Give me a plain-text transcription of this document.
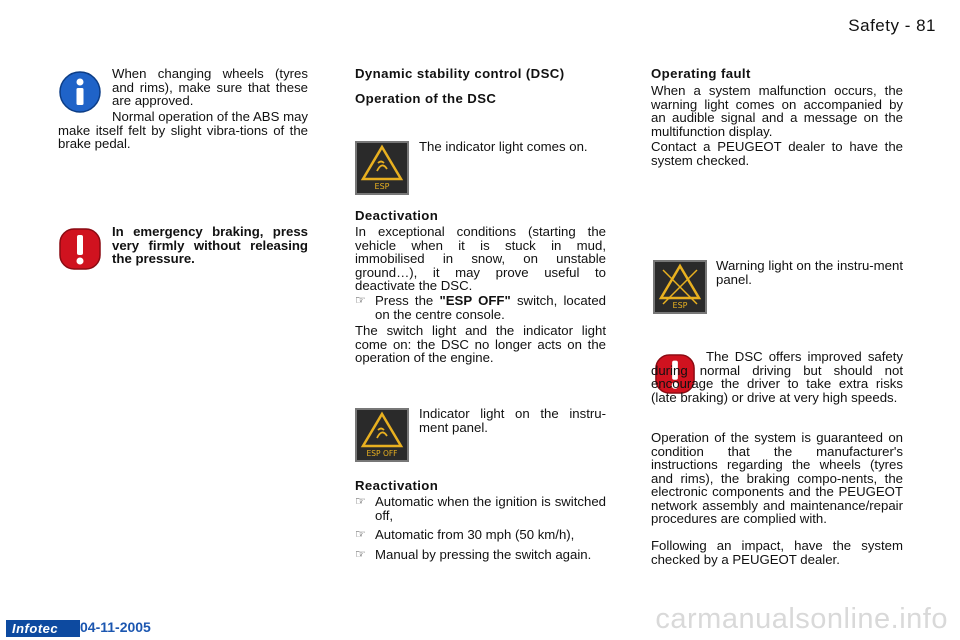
Safety - 81

When changing wheels (tyres and rims), make sure that these are approved.

Normal operation of the ABS may make itself felt by slight vibra-tions of the brake pedal.

In emergency braking, press very firmly without releasing the pressure.

Dynamic stability control (DSC)

Operation of the DSC

ESP

The indicator light comes on.

Deactivation

In exceptional conditions (starting the vehicle when it is stuck in mud, immobilised in snow, on unstable ground…), it may prove useful to deactivate the DSC.

☞ Press the "ESP OFF" switch, located on the centre console.

The switch light and the indicator light come on: the DSC no longer acts on the operation of the engine.

ESP OFF

Indicator light on the instru-ment panel.

Reactivation

☞ Automatic when the ignition is switched off,
☞ Automatic from 30 mph (50 km/h),
☞ Manual by pressing the switch again.

Operating fault

When a system malfunction occurs, the warning light comes on accompanied by an audible signal and a message on the multifunction display.

Contact a PEUGEOT dealer to have the system checked.

ESP

Warning light on the instru-ment panel.

The DSC offers improved safety during normal driving but should not encourage the driver to take extra risks (late braking) or drive at very high speeds.

Operation of the system is guaranteed on condition that the manufacturer's instructions regarding the wheels (tyres and rims), the braking compo-nents, the electronic components and the PEUGEOT network assembly and maintenance/repair procedures are complied with.

Following an impact, have the system checked by a PEUGEOT dealer.

Infotec	04-11-2005	carmanualsonline.info
